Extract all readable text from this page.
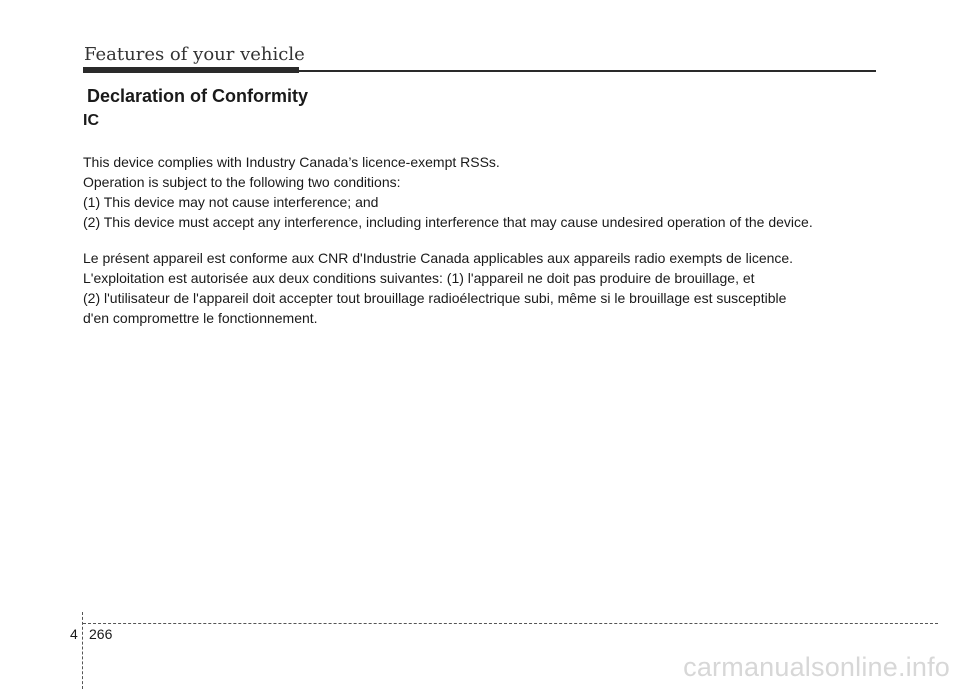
Features of your vehicle
Declaration of Conformity
IC
This device complies with Industry Canada’s licence-exempt RSSs.
Operation is subject to the following two conditions:
(1) This device may not cause interference; and
(2) This device must accept any interference, including interference that may cause undesired operation of the device.
Le présent appareil est conforme aux CNR d'Industrie Canada applicables aux appareils radio exempts de licence.
L'exploitation est autorisée aux deux conditions suivantes: (1) l'appareil ne doit pas produire de brouillage, et
(2) l'utilisateur de l'appareil doit accepter tout brouillage radioélectrique subi, même si le brouillage est susceptible
d'en compromettre le fonctionnement.
4 266
carmanualsonline.info
